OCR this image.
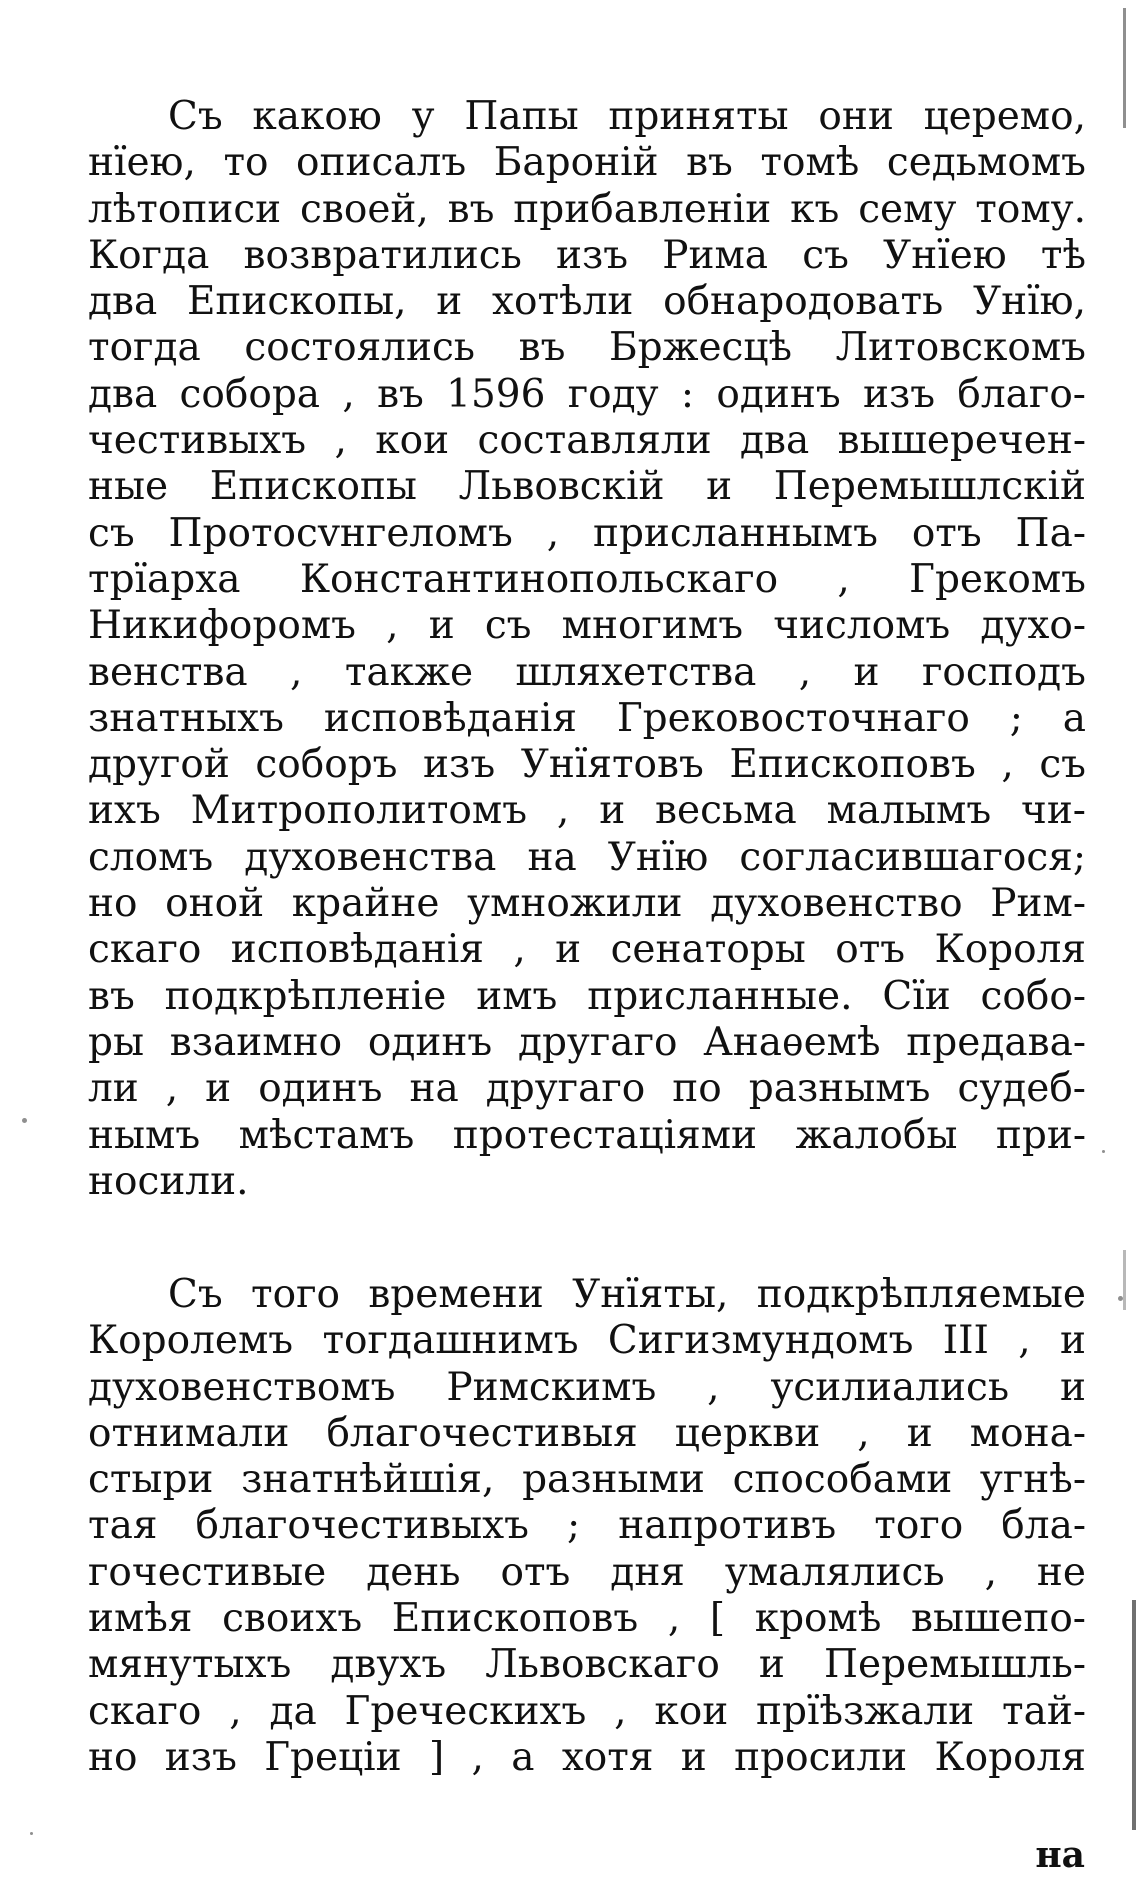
Съ какою у Папы приняты они церемо,
нїею, то описалъ Бароній въ томѣ седьмомъ
лѣтописи своей, въ прибавленіи къ сему тому.
Когда возвратились изъ Рима съ Унїею тѣ
два Епископы, и хотѣли обнародовать Унїю,
тогда состоялись въ Бржесцѣ Литовскомъ
два собора , въ 1596 году : одинъ изъ благо-
честивыхъ , кои составляли два вышеречен-
ные Епископы Львовскій и Перемышлскій
съ Протосvнгеломъ , присланнымъ отъ Па-
трїарха Константинопольскаго , Грекомъ
Никифоромъ , и съ многимъ числомъ духо-
венства , также шляхетства , и господъ
знатныхъ исповѣданія Грековосточнаго ; а
другой соборъ изъ Унїятовъ Епископовъ , съ
ихъ Митрополитомъ , и весьма малымъ чи-
сломъ духовенства на Унїю согласившагося;
но оной крайне умножили духовенство Рим-
скаго исповѣданія , и сенаторы отъ Короля
въ подкрѣпленіе имъ присланные. Сїи собо-
ры взаимно одинъ другаго Анаѳемѣ предава-
ли , и одинъ на другаго по разнымъ судеб-
нымъ мѣстамъ протестаціями жалобы при-
носили.
Съ того времени Унїяты, подкрѣпляемые
Королемъ тогдашнимъ Сигизмундомъ III , и
духовенствомъ Римскимъ , усилиались и
отнимали благочестивыя церкви , и мона-
стыри знатнѣйшія, разными способами угнѣ-
тая благочестивыхъ ; напротивъ того бла-
гочестивые день отъ дня умалялись , не
имѣя своихъ Епископовъ , [ кромѣ вышепо-
мянутыхъ двухъ Львовскаго и Перемышль-
скаго , да Греческихъ , кои прїѣзжали тай-
но изъ Греціи ] , а хотя и просили Короля
на
